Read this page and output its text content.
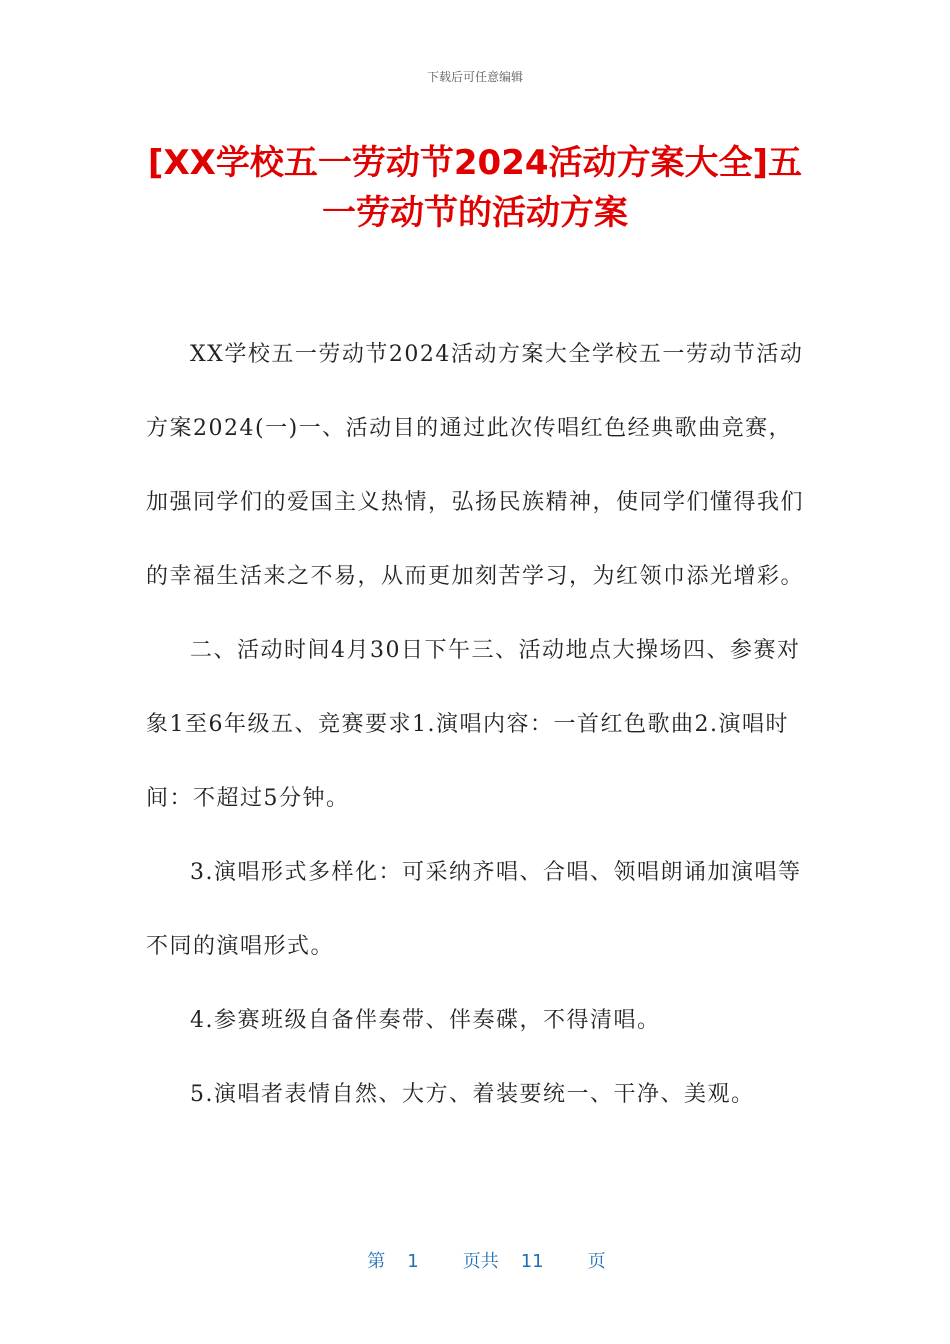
下载后可任意编辑
[XX学校五一劳动节2024活动方案大全]五一劳动节的活动方案

XX学校五一劳动节2024活动方案大全学校五一劳动节活动方案2024(一)一、活动目的通过此次传唱红色经典歌曲竞赛，加强同学们的爱国主义热情，弘扬民族精神，使同学们懂得我们的幸福生活来之不易，从而更加刻苦学习，为红领巾添光增彩。

二、活动时间4月30日下午三、活动地点大操场四、参赛对象1至6年级五、竞赛要求1.演唱内容：一首红色歌曲2.演唱时间：不超过5分钟。

3.演唱形式多样化：可采纳齐唱、合唱、领唱朗诵加演唱等不同的演唱形式。

4.参赛班级自备伴奏带、伴奏碟，不得清唱。

5.演唱者表情自然、大方、着装要统一、干净、美观。

第 1 页共 11 页
